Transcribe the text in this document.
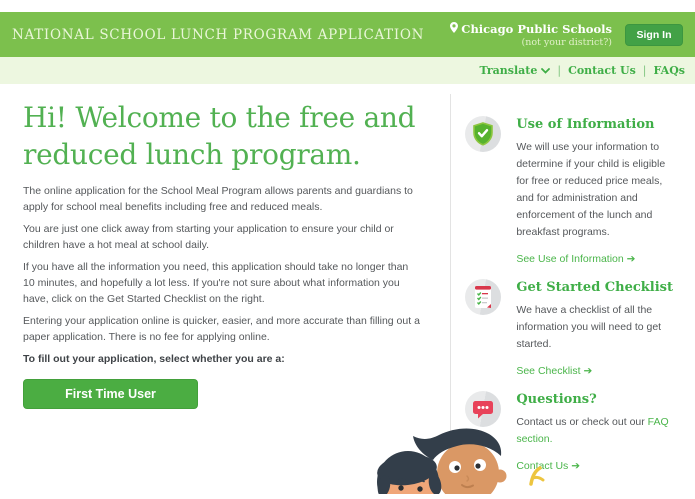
NATIONAL SCHOOL LUNCH PROGRAM APPLICATION	Chicago Public Schools
(not your district?)
Sign In
Translate | Contact Us | FAQs
Hi! Welcome to the free and
reduced lunch program.

The online application for the School Meal Program allows parents and guardians to apply for school meal benefits including free and reduced meals.

You are just one click away from starting your application to ensure your child or children have a hot meal at school daily.

If you have all the information you need, this application should take no longer than 10 minutes, and hopefully a lot less. If you're not sure about what information you have, click on the Get Started Checklist on the right.

Entering your application online is quicker, easier, and more accurate than filling out a paper application. There is no fee for applying online.

To fill out your application, select whether you are a:

First Time User
Use of Information

We will use your information to determine if your child is eligible for free or reduced price meals, and for administration and enforcement of the lunch and breakfast programs.

See Use of Information ➔
Get Started Checklist

We have a checklist of all the information you will need to get started.

See Checklist ➔
Questions?

Contact us or check out our FAQ section.

Contact Us ➔
